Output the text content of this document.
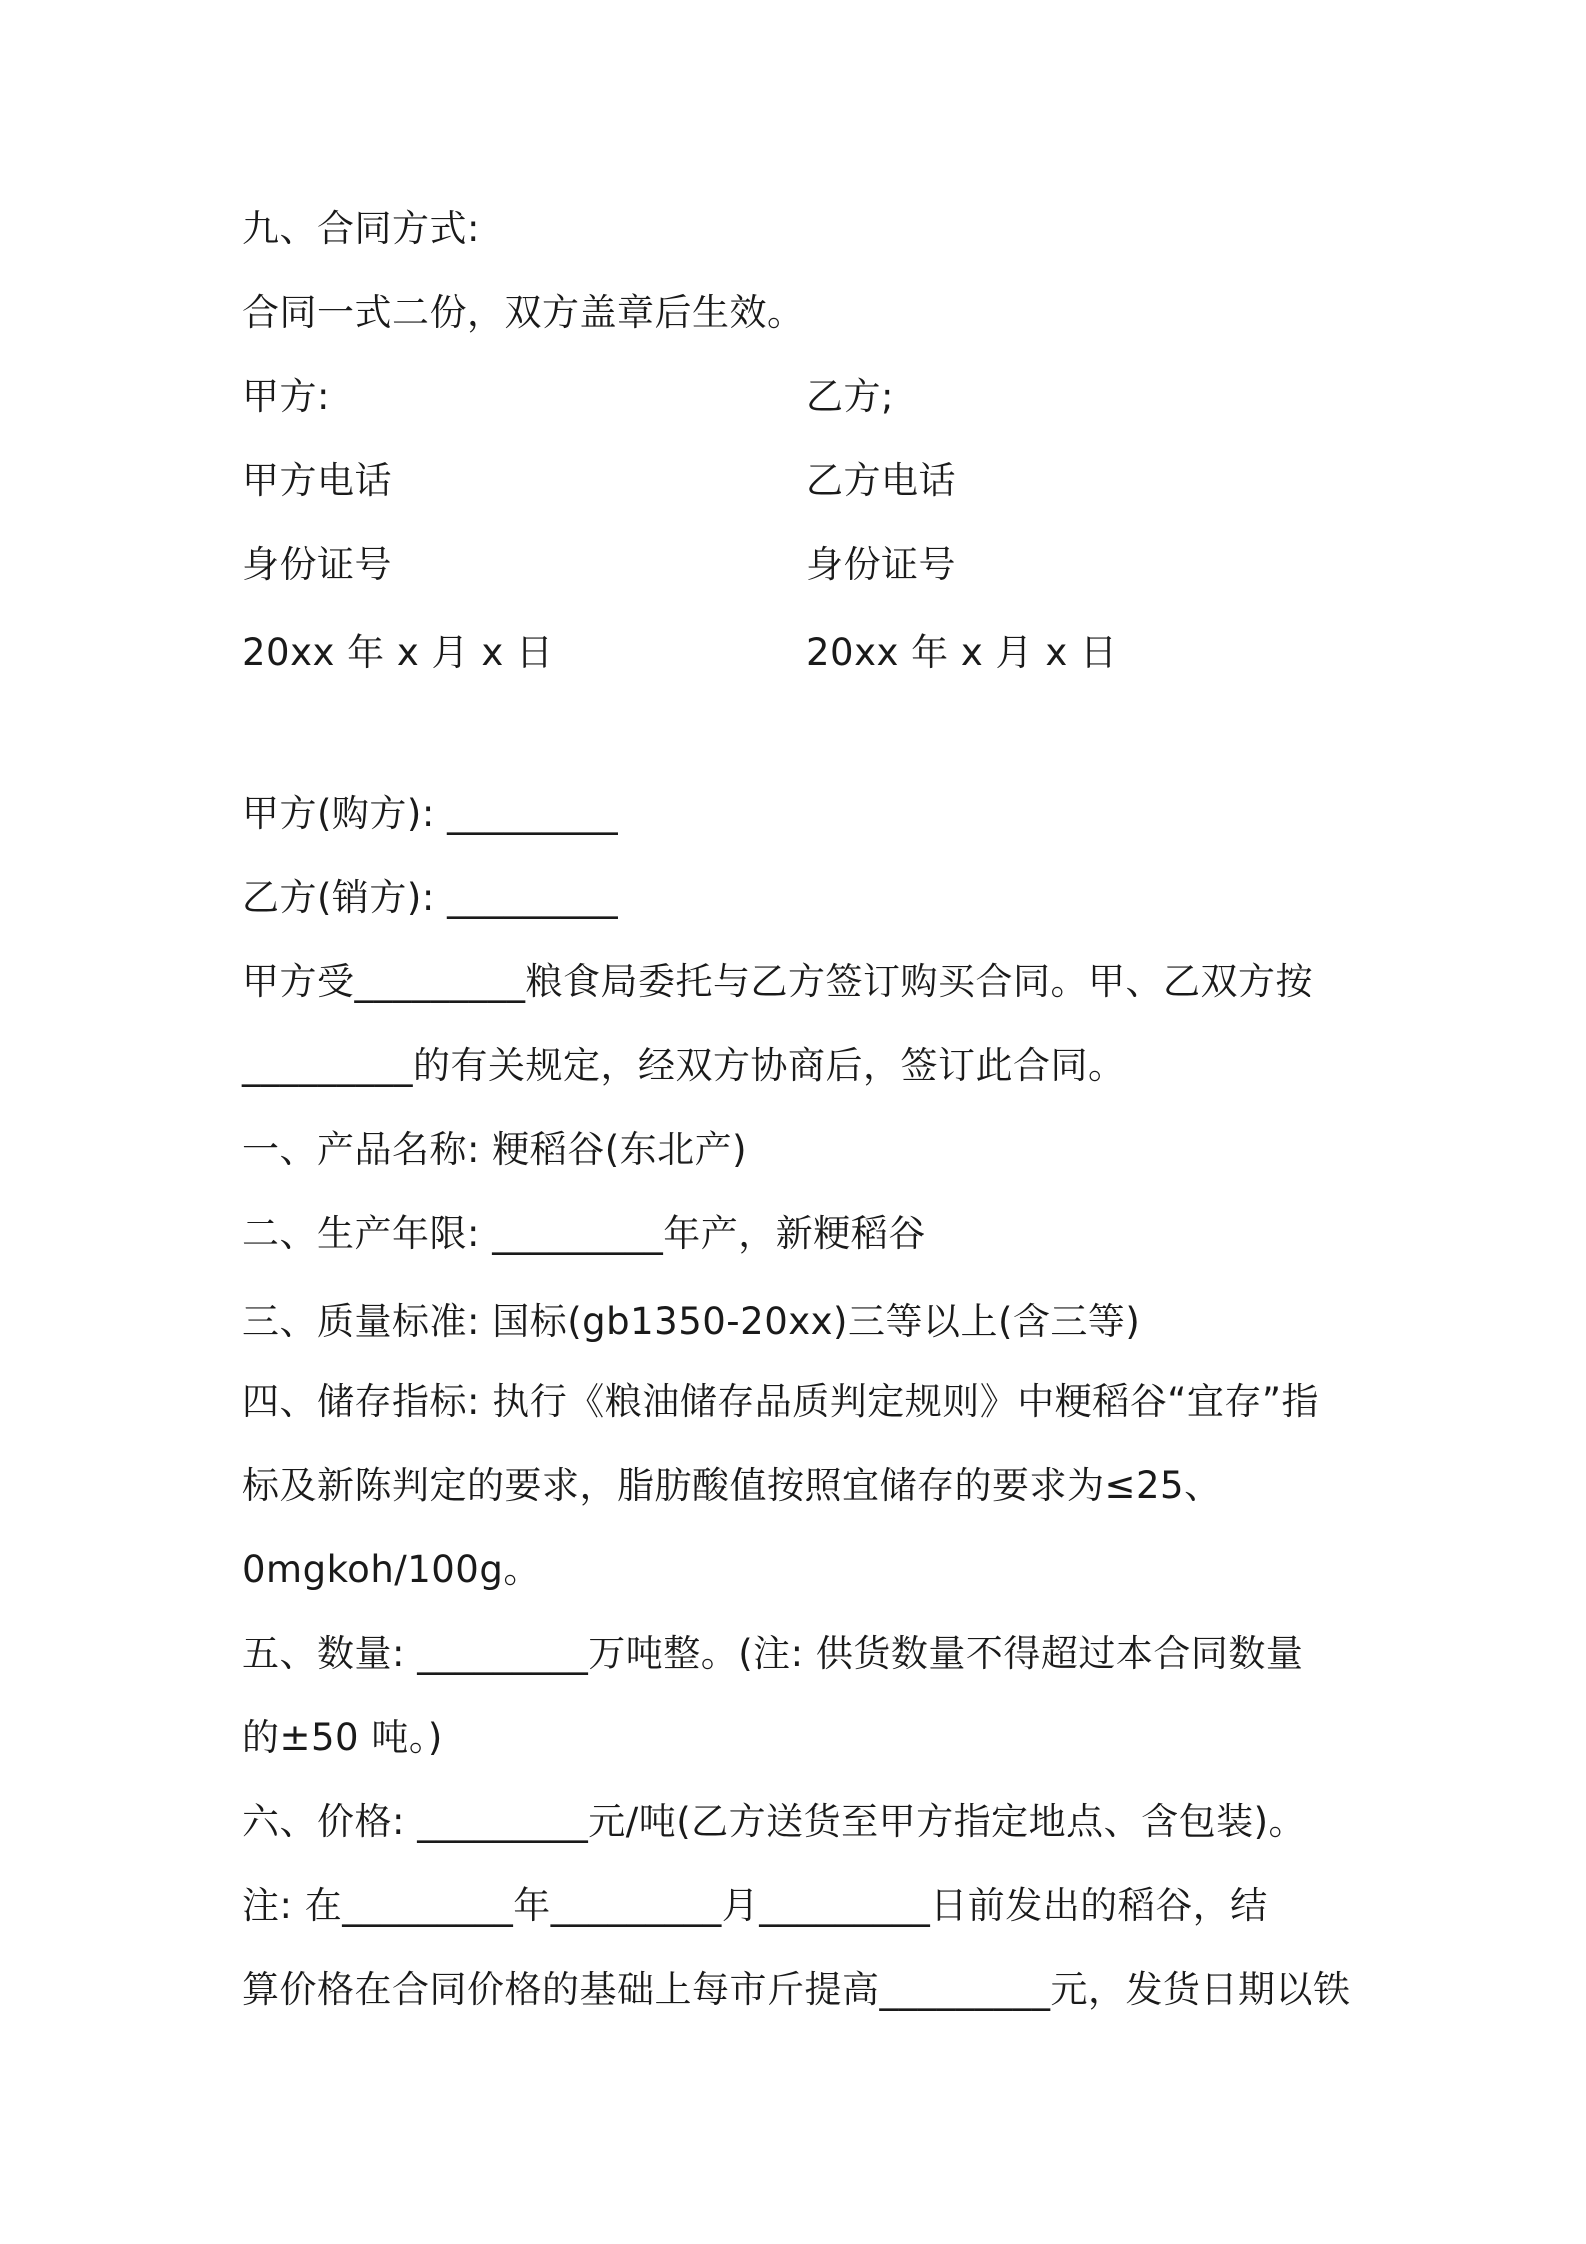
九、合同方式:
合同一式二份，双方盖章后生效。
甲方:	乙方;
甲方电话	乙方电话
身份证号	身份证号
20xx 年 x 月 x 日	20xx 年 x 月 x 日
甲方(购方): _________
乙方(销方): _________
甲方受_________粮食局委托与乙方签订购买合同。甲、乙双方按
_________的有关规定，经双方协商后，签订此合同。
一、产品名称: 粳稻谷(东北产)
二、生产年限: _________年产，新粳稻谷
三、质量标准: 国标(gb1350-20xx)三等以上(含三等)
四、储存指标: 执行《粮油储存品质判定规则》中粳稻谷“宜存”指
标及新陈判定的要求，脂肪酸值按照宜储存的要求为≤25、
0mgkoh/100g。
五、数量: _________万吨整。(注: 供货数量不得超过本合同数量
的±50 吨。)
六、价格: _________元/吨(乙方送货至甲方指定地点、含包装)。
注: 在_________年_________月_________日前发出的稻谷，结
算价格在合同价格的基础上每市斤提高_________元，发货日期以铁
